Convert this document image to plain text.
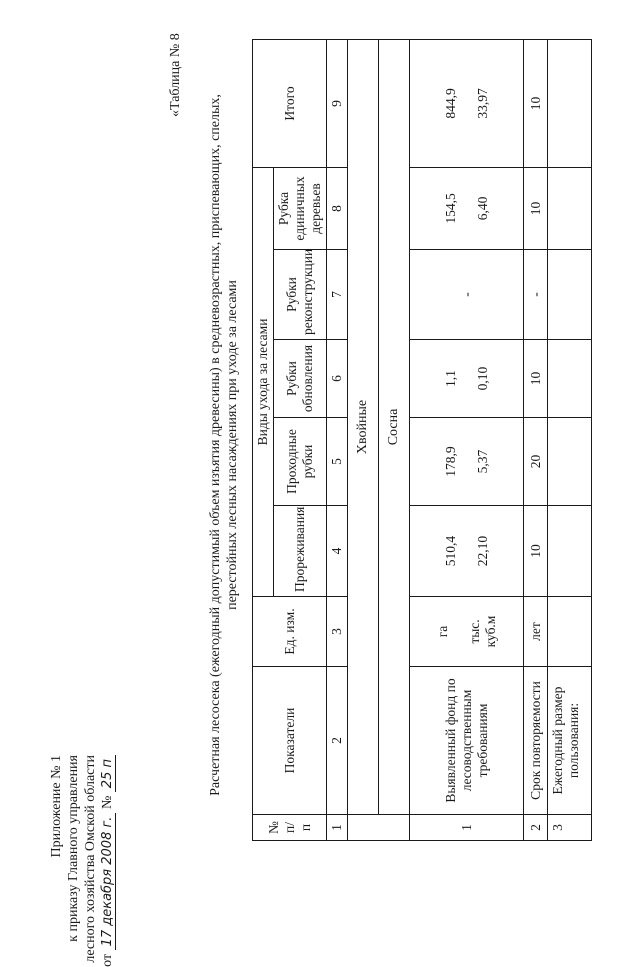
Приложение № 1 к приказу Главного управления лесного хозяйства Омской области от 17 декабря 2008 г. № 25 п
«Таблица № 8
Расчетная лесосека (ежегодный допустимый объем изъятия древесины) в средневозрастных, приспевающих, спелых, перестойных лесных насаждениях при уходе за лесами
№ п/п	Показатели	Ед. изм.	Виды ухода за лесами					Итого
			Прореживания	Проходные рубки	Рубки обновления	Рубки реконструкции	Рубка единичных деревьев	
1	2	3	4	5	6	7	8	9
	Хвойные							
	Сосна							
1	Выявленный фонд по лесоводственным требованиям	га тыс. куб.м	510,4 22,10	178,9 5,37	1,1 0,10	-	154,5 6,40	844,9 33,97

2	Срок повторяемости	лет	10	20	10	-	10	10
3	Ежегодный размер пользования:							
